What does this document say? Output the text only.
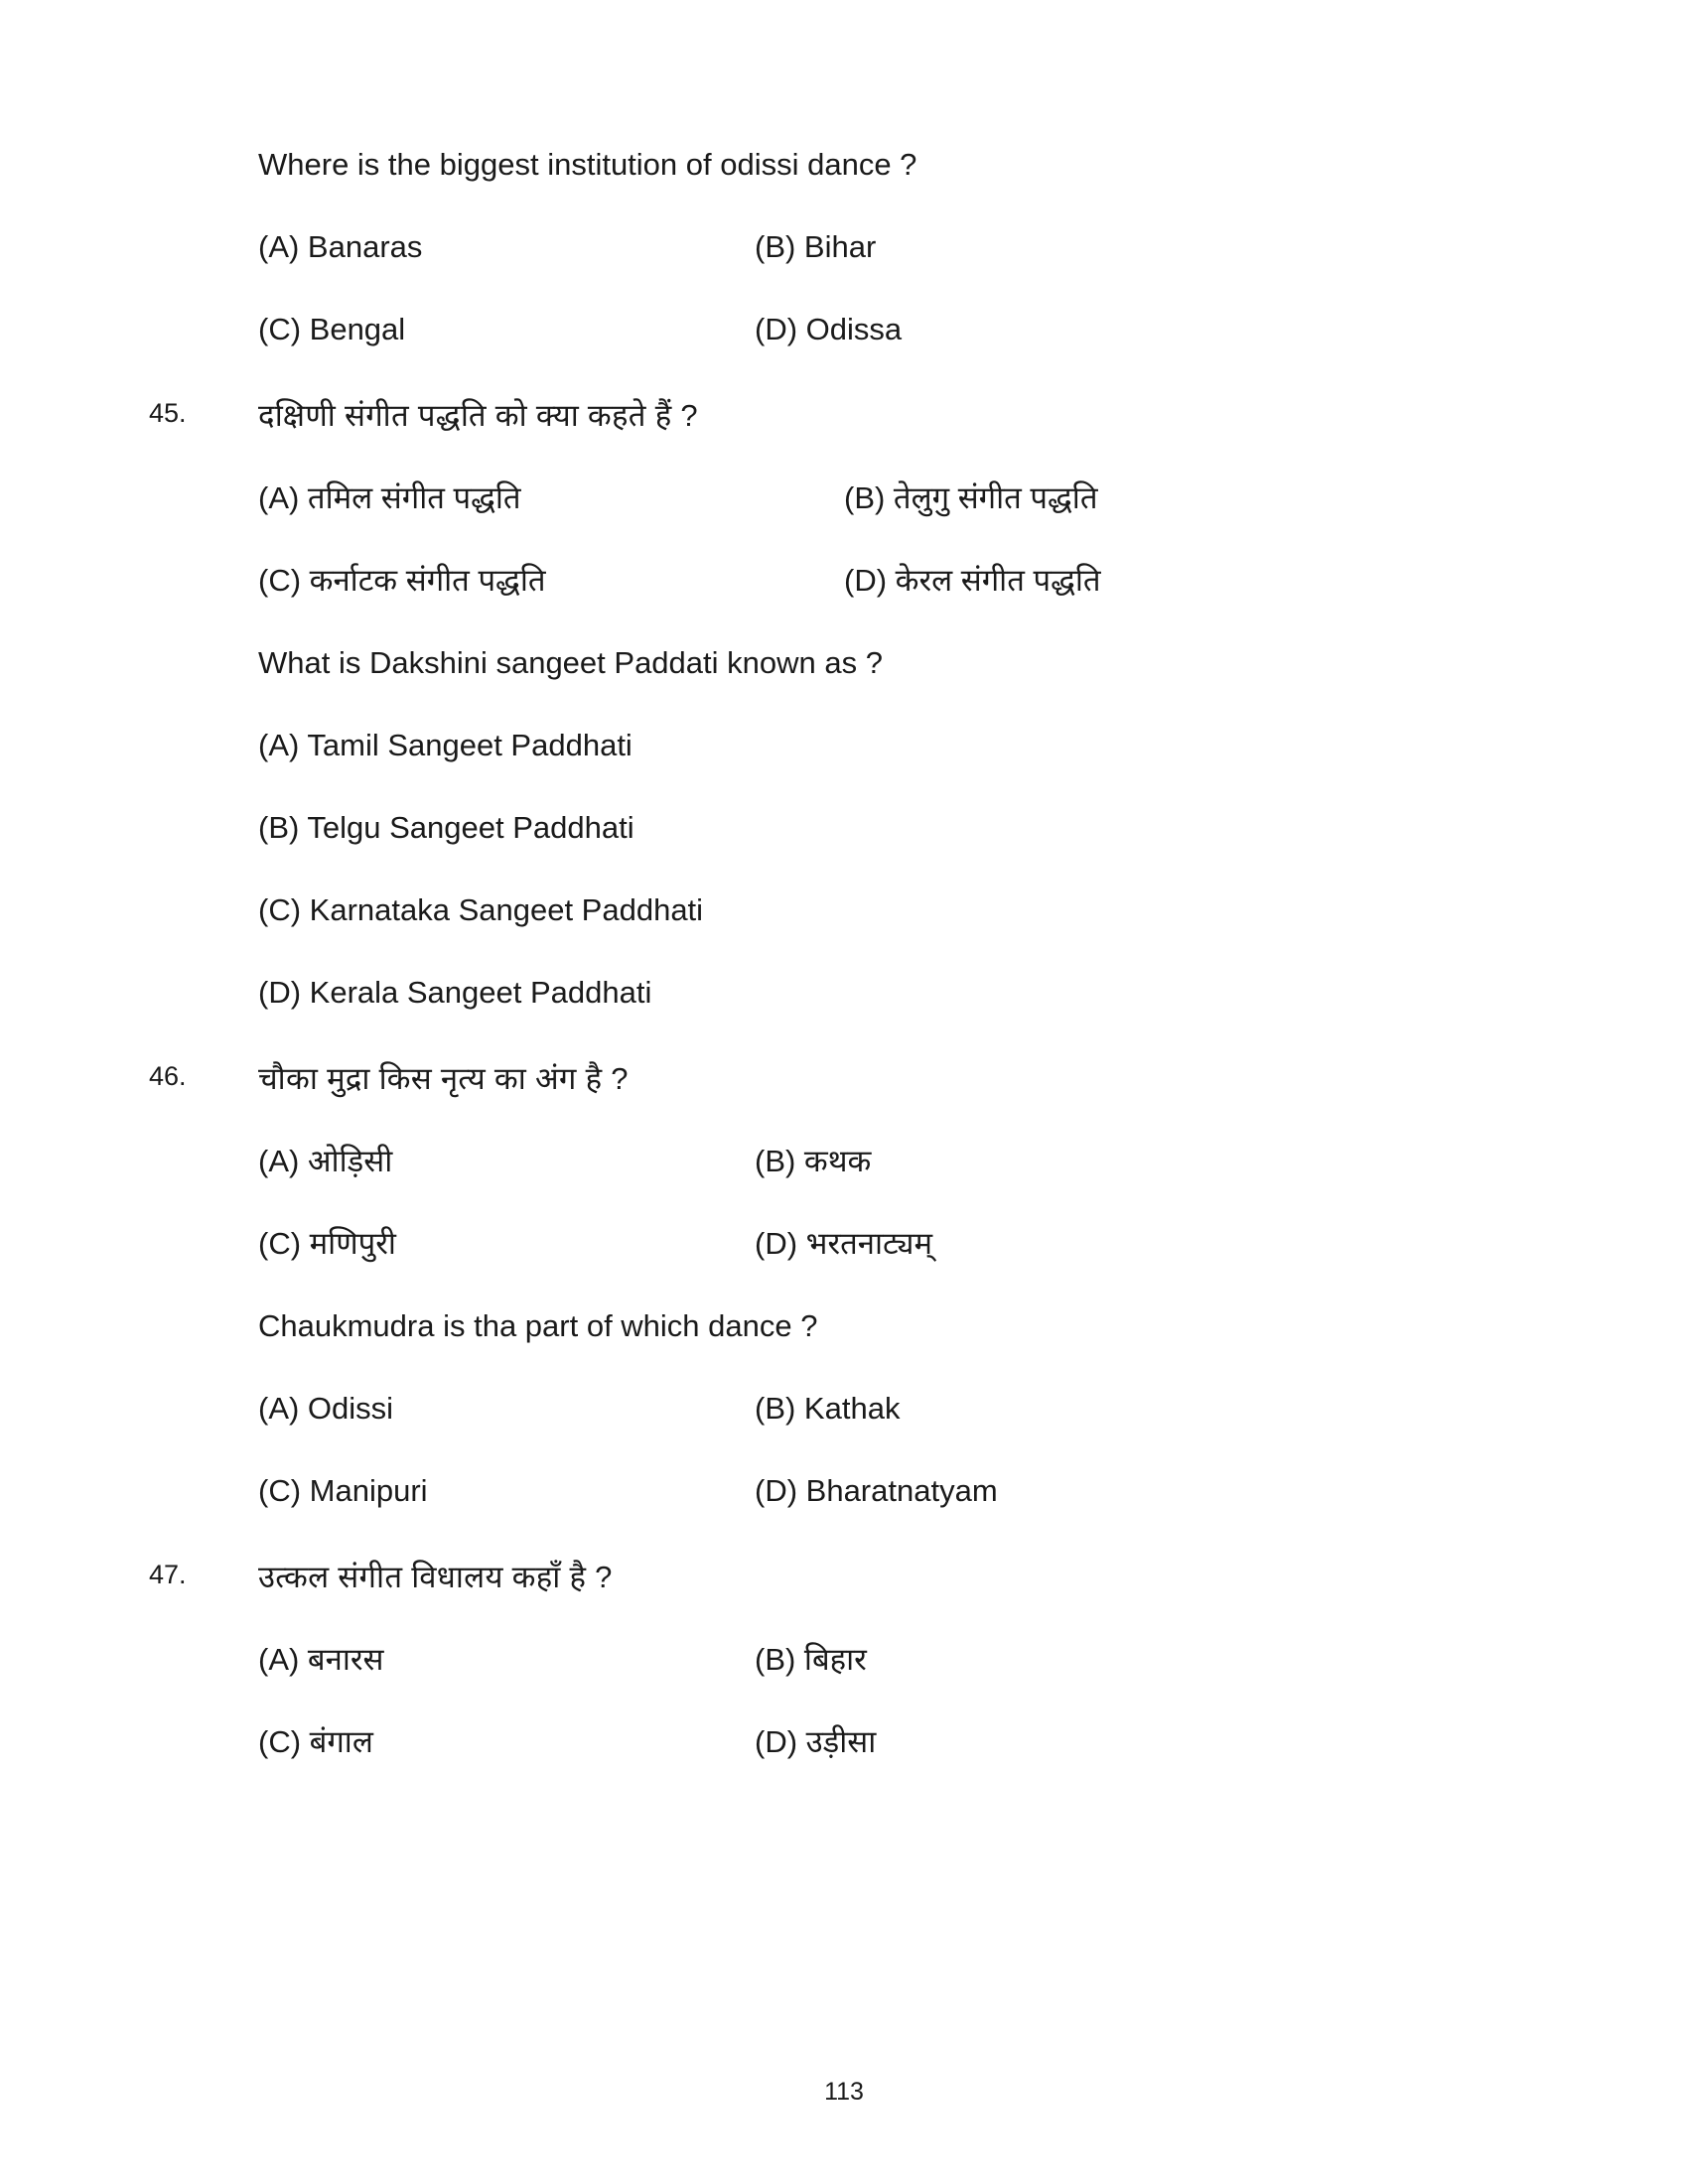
Where is the biggest institution of odissi dance ?
(A) Banaras	(B) Bihar
(C) Bengal	(D) Odissa
45.	दक्षिणी संगीत पद्धति को क्या कहते हैं ?
(A) तमिल संगीत पद्धति	(B) तेलुगु संगीत पद्धति
(C) कर्नाटक संगीत पद्धति	(D) केरल संगीत पद्धति
What is Dakshini sangeet Paddati known as ?
(A) Tamil Sangeet Paddhati
(B) Telgu Sangeet Paddhati
(C) Karnataka Sangeet Paddhati
(D) Kerala Sangeet Paddhati
46.	चौका मुद्रा किस नृत्य का अंग है ?
(A) ओड़िसी	(B) कथक
(C) मणिपुरी	(D) भरतनाट्यम्
Chaukmudra is tha part of which dance ?
(A) Odissi	(B) Kathak
(C) Manipuri	(D) Bharatnatyam
47.	उत्कल संगीत विधालय कहाँ है ?
(A) बनारस	(B) बिहार
(C) बंगाल	(D) उड़ीसा
113
